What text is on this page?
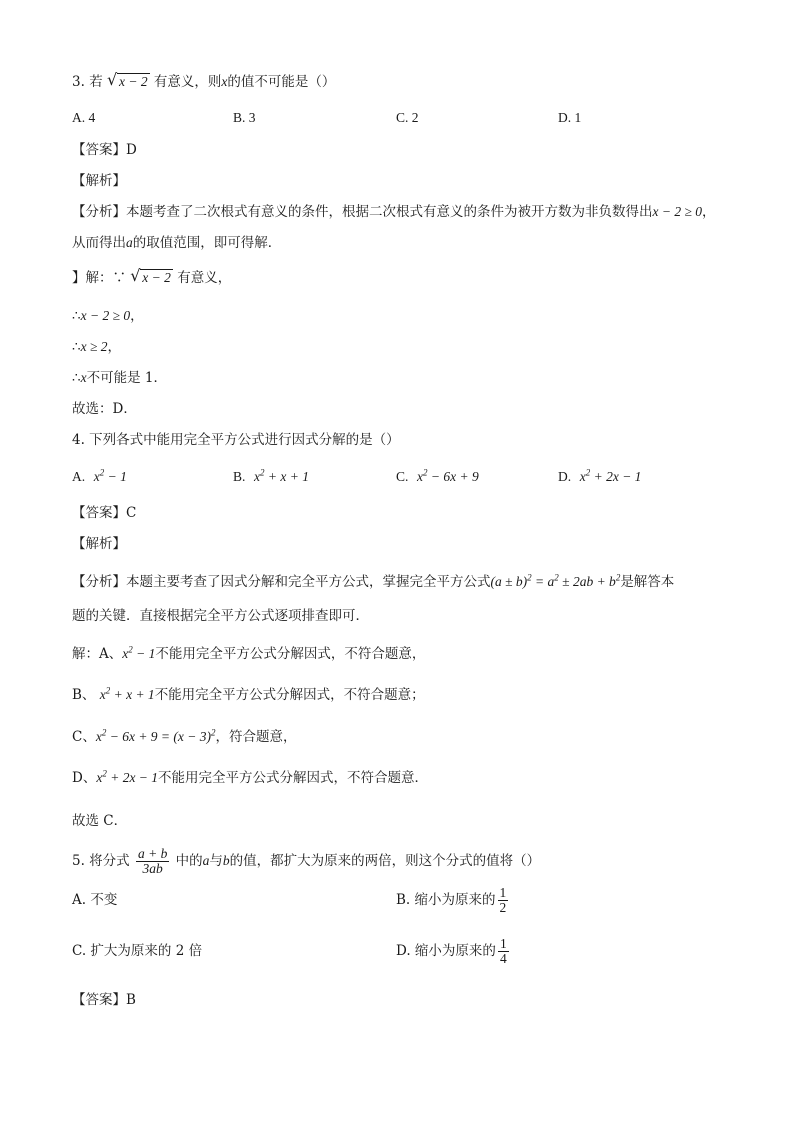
3. 若 √ x − 2 有意义，则x的值不可能是（）
A. 4	B. 3	C. 2	D. 1
【答案】D
【解析】
【分析】本题考查了二次根式有意义的条件，根据二次根式有意义的条件为被开方数为非负数得出x − 2 ≥ 0，
从而得出a的取值范围，即可得解．
】解：∵ √ x − 2 有意义，
∴x − 2 ≥ 0，
∴x ≥ 2，
∴x不可能是 1．
故选：D．
4. 下列各式中能用完全平方公式进行因式分解的是（）
A. $x^2 - 1$	B. $x^2 + x + 1$	C. $x^2 - 6x + 9$	D. $x^2 + 2x - 1$
【答案】C
【解析】
【分析】本题主要考查了因式分解和完全平方公式，掌握完全平方公式$(a \pm b)^2 = a^2 \pm 2ab + b^2$是解答本
题的关键．直接根据完全平方公式逐项排查即可．
解：A、$x^2 - 1$不能用完全平方公式分解因式，不符合题意，
B、 $x^2 + x + 1$不能用完全平方公式分解因式，不符合题意；
C、$x^2 - 6x + 9 = (x - 3)^2$，符合题意，
D、$x^2 + 2x - 1$不能用完全平方公式分解因式，不符合题意．
故选 C．
5. 将分式 $\frac{a + b}{3ab}$ 中的a与b的值，都扩大为原来的两倍，则这个分式的值将（）
A. 不变	B. 缩小为原来的 $\frac{1}{2}$
C. 扩大为原来的 2 倍	D. 缩小为原来的 $\frac{1}{4}$
【答案】B
